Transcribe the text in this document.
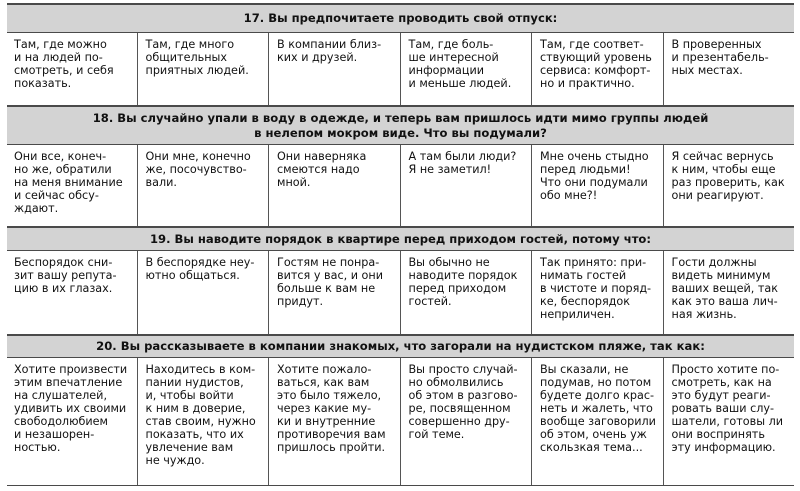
17. Вы предпочитаете проводить свой отпуск:
Там, где можно
и на людей по-
смотреть, и себя
показать.
Там, где много
общительных
приятных людей.
В компании близ-
ких и друзей.
Там, где боль-
ше интересной
информации
и меньше людей.
Там, где соответ-
ствующий уровень
сервиса: комфорт-
но и практично.
В проверенных
и презентабель-
ных местах.
18. Вы случайно упали в воду в одежде, и теперь вам пришлось идти мимо группы людей
в нелепом мокром виде. Что вы подумали?
Они все, конеч-
но же, обратили
на меня внимание
и сейчас обсу-
ждают.
Они мне, конечно
же, посочувство-
вали.
Они наверняка
смеются надо
мной.
А там были люди?
Я не заметил!
Мне очень стыдно
перед людьми!
Что они подумали
обо мне?!
Я сейчас вернусь
к ним, чтобы еще
раз проверить, как
они реагируют.
19. Вы наводите порядок в квартире перед приходом гостей, потому что:
Беспорядок сни-
зит вашу репута-
цию в их глазах.
В беспорядке неу-
ютно общаться.
Гостям не понра-
вится у вас, и они
больше к вам не
придут.
Вы обычно не
наводите порядок
перед приходом
гостей.
Так принято: при-
нимать гостей
в чистоте и поряд-
ке, беспорядок
неприличен.
Гости должны
видеть минимум
ваших вещей, так
как это ваша лич-
ная жизнь.
20. Вы рассказываете в компании знакомых, что загорали на нудистском пляже, так как:
Хотите произвести
этим впечатление
на слушателей,
удивить их своими
свободолюбием
и незашорен-
ностью.
Находитесь в ком-
пании нудистов,
и, чтобы войти
к ним в доверие,
став своим, нужно
показать, что их
увлечение вам
не чуждо.
Хотите пожало-
ваться, как вам
это было тяжело,
через какие му-
ки и внутренние
противоречия вам
пришлось пройти.
Вы просто случай-
но обмолвились
об этом в разгово-
ре, посвященном
совершенно дру-
гой теме.
Вы сказали, не
подумав, но потом
будете долго крас-
неть и жалеть, что
вообще заговорили
об этом, очень уж
скользкая тема...
Просто хотите по-
смотреть, как на
это будут реаги-
ровать ваши слу-
шатели, готовы ли
они воспринять
эту информацию.
